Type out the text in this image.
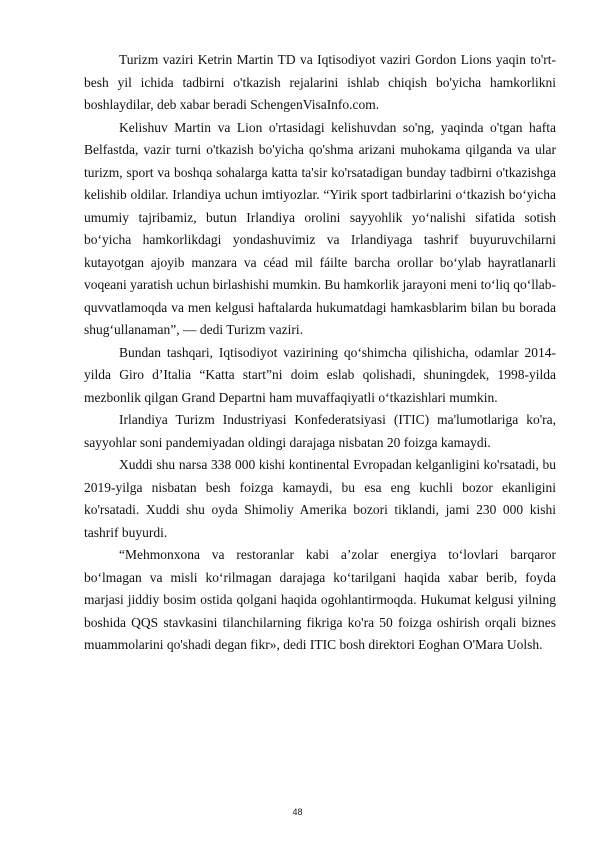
Turizm vaziri Ketrin Martin TD va Iqtisodiyot vaziri Gordon Lions yaqin to'rt-besh yil ichida tadbirni o'tkazish rejalarini ishlab chiqish bo'yicha hamkorlikni boshlaydilar, deb xabar beradi SchengenVisaInfo.com.

Kelishuv Martin va Lion o'rtasidagi kelishuvdan so'ng, yaqinda o'tgan hafta Belfastda, vazir turni o'tkazish bo'yicha qo'shma arizani muhokama qilganda va ular turizm, sport va boshqa sohalarga katta ta'sir ko'rsatadigan bunday tadbirni o'tkazishga kelishib oldilar. Irlandiya uchun imtiyozlar. “Yirik sport tadbirlarini o‘tkazish bo‘yicha umumiy tajribamiz, butun Irlandiya orolini sayyohlik yo‘nalishi sifatida sotish bo‘yicha hamkorlikdagi yondashuvimiz va Irlandiyaga tashrif buyuruvchilarni kutayotgan ajoyib manzara va céad mil fáilte barcha orollar bo‘ylab hayratlanarli voqeani yaratish uchun birlashishi mumkin. Bu hamkorlik jarayoni meni to‘liq qo‘llab-quvvatlamoqda va men kelgusi haftalarda hukumatdagi hamkasblarim bilan bu borada shug‘ullanaman”, — dedi Turizm vaziri.

Bundan tashqari, Iqtisodiyot vazirining qo‘shimcha qilishicha, odamlar 2014-yilda Giro d’Italia “Katta start”ni doim eslab qolishadi, shuningdek, 1998-yilda mezbonlik qilgan Grand Departni ham muvaffaqiyatli o‘tkazishlari mumkin.

Irlandiya Turizm Industriyasi Konfederatsiyasi (ITIC) ma'lumotlariga ko'ra, sayyohlar soni pandemiyadan oldingi darajaga nisbatan 20 foizga kamaydi.

Xuddi shu narsa 338 000 kishi kontinental Evropadan kelganligini ko'rsatadi, bu 2019-yilga nisbatan besh foizga kamaydi, bu esa eng kuchli bozor ekanligini ko'rsatadi. Xuddi shu oyda Shimoliy Amerika bozori tiklandi, jami 230 000 kishi tashrif buyurdi.

“Mehmonxona va restoranlar kabi a’zolar energiya to‘lovlari barqaror bo‘lmagan va misli ko‘rilmagan darajaga ko‘tarilgani haqida xabar berib, foyda marjasi jiddiy bosim ostida qolgani haqida ogohlantirmoqda. Hukumat kelgusi yilning boshida QQS stavkasini tilanchilarning fikriga ko'ra 50 foizga oshirish orqali biznes muammolarini qo'shadi degan fikr», dedi ITIC bosh direktori Eoghan O'Mara Uolsh.

48
